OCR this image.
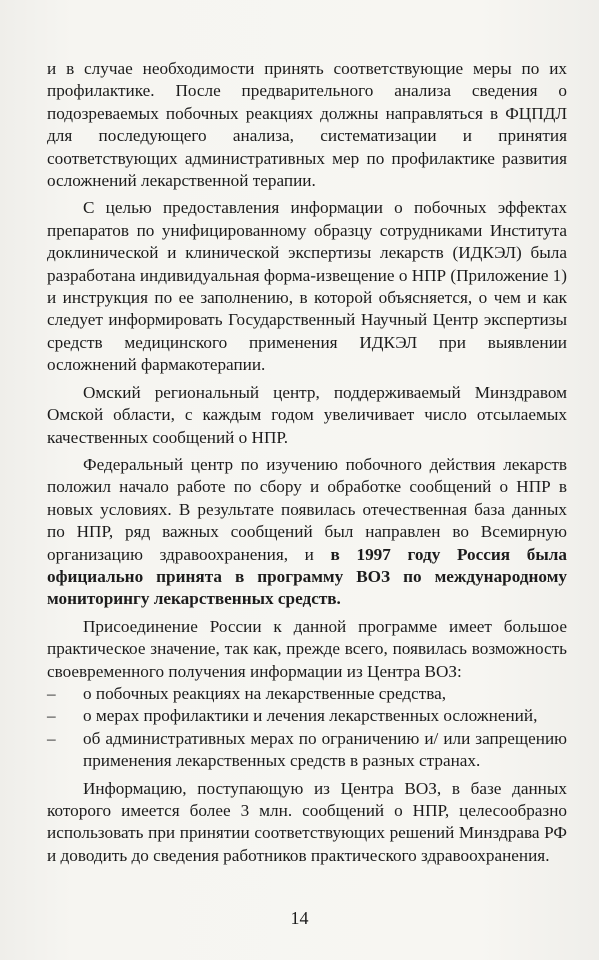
и в случае необходимости принять соответствующие меры по их профилактике. После предварительного анализа сведения о подозреваемых побочных реакциях должны направляться в ФЦПДЛ для последующего анализа, систематизации и принятия соответствующих административных мер по профилактике развития осложнений лекарственной терапии.

С целью предоставления информации о побочных эффектах препаратов по унифицированному образцу сотрудниками Института доклинической и клинической экспертизы лекарств (ИДКЭЛ) была разработана индивидуальная форма-извещение о НПР (Приложение 1) и инструкция по ее заполнению, в которой объясняется, о чем и как следует информировать Государственный Научный Центр экспертизы средств медицинского применения ИДКЭЛ при выявлении осложнений фармакотерапии.

Омский региональный центр, поддерживаемый Минздравом Омской области, с каждым годом увеличивает число отсылаемых качественных сообщений о НПР.

Федеральный центр по изучению побочного действия лекарств положил начало работе по сбору и обработке сообщений о НПР в новых условиях. В результате появилась отечественная база данных по НПР, ряд важных сообщений был направлен во Всемирную организацию здравоохранения, и в 1997 году Россия была официально принята в программу ВОЗ по международному мониторингу лекарственных средств.

Присоединение России к данной программе имеет большое практическое значение, так как, прежде всего, появилась возможность своевременного получения информации из Центра ВОЗ:

–	о побочных реакциях на лекарственные средства,
–	о мерах профилактики и лечения лекарственных осложнений,
–	об административных мерах по ограничению и/ или запрещению применения лекарственных средств в разных странах.

Информацию, поступающую из Центра ВОЗ, в базе данных которого имеется более 3 млн. сообщений о НПР, целесообразно использовать при принятии соответствующих решений Минздрава РФ и доводить до сведения работников практического здравоохранения.

14
